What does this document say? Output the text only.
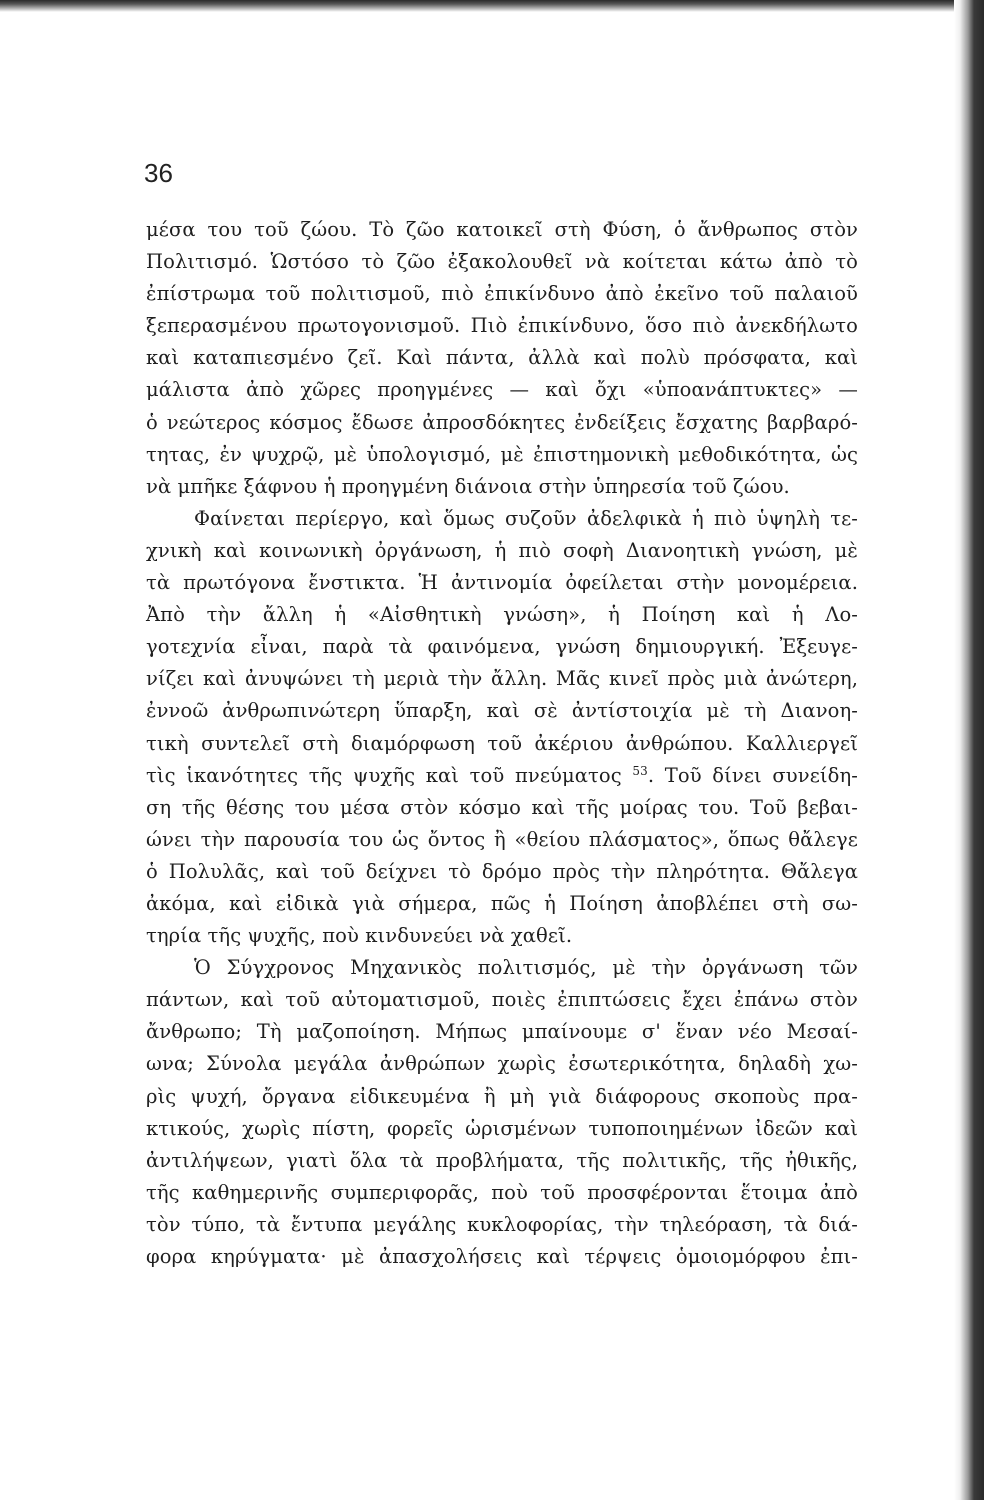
36
μέσα του τοῦ ζώου. Τὸ ζῶο κατοικεῖ στὴ Φύση, ὁ ἄνθρωπος στὸν
Πολιτισμό. Ὡστόσο τὸ ζῶο ἐξακολουθεῖ νὰ κοίτεται κάτω ἀπὸ τὸ
ἐπίστρωμα τοῦ πολιτισμοῦ, πιὸ ἐπικίνδυνο ἀπὸ ἐκεῖνο τοῦ παλαιοῦ
ξεπερασμένου πρωτογονισμοῦ. Πιὸ ἐπικίνδυνο, ὅσο πιὸ ἀνεκδήλωτο
καὶ καταπιεσμένο ζεῖ. Καὶ πάντα, ἀλλὰ καὶ πολὺ πρόσφατα, καὶ
μάλιστα ἀπὸ χῶρες προηγμένες — καὶ ὄχι «ὑποανάπτυκτες» —
ὁ νεώτερος κόσμος ἔδωσε ἀπροσδόκητες ἐνδείξεις ἔσχατης βαρβαρό-
τητας, ἐν ψυχρῷ, μὲ ὑπολογισμό, μὲ ἐπιστημονικὴ μεθοδικότητα, ὡς
νὰ μπῆκε ξάφνου ἡ προηγμένη διάνοια στὴν ὑπηρεσία τοῦ ζώου.
Φαίνεται περίεργο, καὶ ὅμως συζοῦν ἀδελφικὰ ἡ πιὸ ὑψηλὴ τε-
χνικὴ καὶ κοινωνικὴ ὀργάνωση, ἡ πιὸ σοφὴ Διανοητικὴ γνώση, μὲ
τὰ πρωτόγονα ἔνστικτα. Ἡ ἀντινομία ὀφείλεται στὴν μονομέρεια.
Ἀπὸ τὴν ἄλλη ἡ «Αἰσθητικὴ γνώση», ἡ Ποίηση καὶ ἡ Λο-
γοτεχνία εἶναι, παρὰ τὰ φαινόμενα, γνώση δημιουργική. Ἐξευγε-
νίζει καὶ ἀνυψώνει τὴ μεριὰ τὴν ἄλλη. Μᾶς κινεῖ πρὸς μιὰ ἀνώτερη,
ἐννοῶ ἀνθρωπινώτερη ὕπαρξη, καὶ σὲ ἀντίστοιχία μὲ τὴ Διανοη-
τικὴ συντελεῖ στὴ διαμόρφωση τοῦ ἀκέριου ἀνθρώπου. Καλλιεργεῖ
τὶς ἱκανότητες τῆς ψυχῆς καὶ τοῦ πνεύματος $^{53}$. Τοῦ δίνει συνείδη-
ση τῆς θέσης του μέσα στὸν κόσμο καὶ τῆς μοίρας του. Τοῦ βεβαι-
ώνει τὴν παρουσία του ὡς ὄντος ἢ «θείου πλάσματος», ὅπως θἄλεγε
ὁ Πολυλᾶς, καὶ τοῦ δείχνει τὸ δρόμο πρὸς τὴν πληρότητα. Θἄλεγα
ἀκόμα, καὶ εἰδικὰ γιὰ σήμερα, πῶς ἡ Ποίηση ἀποβλέπει στὴ σω-
τηρία τῆς ψυχῆς, ποὺ κινδυνεύει νὰ χαθεῖ.
Ὁ Σύγχρονος Μηχανικὸς πολιτισμός, μὲ τὴν ὀργάνωση τῶν
πάντων, καὶ τοῦ αὐτοματισμοῦ, ποιὲς ἐπιπτώσεις ἔχει ἐπάνω στὸν
ἄνθρωπο; Τὴ μαζοποίηση. Μήπως μπαίνουμε σ' ἕναν νέο Μεσαί-
ωνα; Σύνολα μεγάλα ἀνθρώπων χωρὶς ἐσωτερικότητα, δηλαδὴ χω-
ρὶς ψυχή, ὄργανα εἰδικευμένα ἢ μὴ γιὰ διάφορους σκοποὺς πρα-
κτικούς, χωρὶς πίστη, φορεῖς ὡρισμένων τυποποιημένων ἰδεῶν καὶ
ἀντιλήψεων, γιατὶ ὅλα τὰ προβλήματα, τῆς πολιτικῆς, τῆς ἠθικῆς,
τῆς καθημερινῆς συμπεριφορᾶς, ποὺ τοῦ προσφέρονται ἕτοιμα ἀπὸ
τὸν τύπο, τὰ ἔντυπα μεγάλης κυκλοφορίας, τὴν τηλεόραση, τὰ διά-
φορα κηρύγματα· μὲ ἀπασχολήσεις καὶ τέρψεις ὁμοιομόρφου ἐπι-
